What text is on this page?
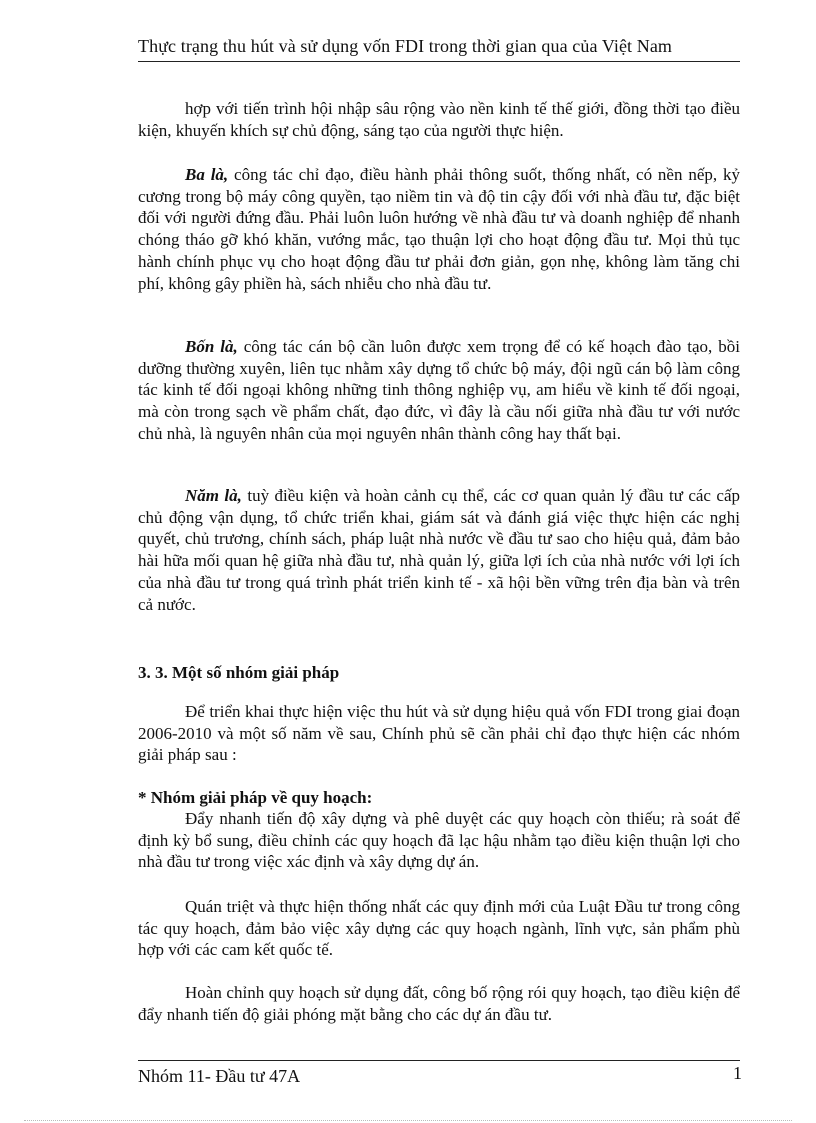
Thực trạng thu hút và sử dụng vốn FDI trong thời gian qua của Việt Nam

hợp với tiến trình hội nhập sâu rộng vào nền kinh tế thế giới, đồng thời tạo điều kiện, khuyến khích sự chủ động, sáng tạo của người thực hiện.

Ba là, công tác chỉ đạo, điều hành phải thông suốt, thống nhất, có nền nếp, kỷ cương trong bộ máy công quyền, tạo niềm tin và độ tin cậy đối với nhà đầu tư, đặc biệt đối với người đứng đầu. Phải luôn luôn hướng về nhà đầu tư và doanh nghiệp để nhanh chóng tháo gỡ khó khăn, vướng mắc, tạo thuận lợi cho hoạt động đầu tư. Mọi thủ tục hành chính phục vụ cho hoạt động đầu tư phải đơn giản, gọn nhẹ, không làm tăng chi phí, không gây phiền hà, sách nhiễu cho nhà đầu tư.

Bốn là, công tác cán bộ cần luôn được xem trọng để có kế hoạch đào tạo, bồi dưỡng thường xuyên, liên tục nhằm xây dựng tổ chức bộ máy, đội ngũ cán bộ làm công tác kinh tế đối ngoại không những tinh thông nghiệp vụ, am hiểu về kinh tế đối ngoại, mà còn trong sạch về phẩm chất, đạo đức, vì đây là cầu nối giữa nhà đầu tư với nước chủ nhà, là nguyên nhân của mọi nguyên nhân thành công hay thất bại.

Năm là, tuỳ điều kiện và hoàn cảnh cụ thể, các cơ quan quản lý đầu tư các cấp chủ động vận dụng, tổ chức triển khai, giám sát và đánh giá việc thực hiện các nghị quyết, chủ trương, chính sách, pháp luật nhà nước về đầu tư sao cho hiệu quả, đảm bảo hài hữa mối quan hệ giữa nhà đầu tư, nhà quản lý, giữa lợi ích của nhà nước với lợi ích của nhà đầu tư trong quá trình phát triển kinh tế - xã hội bền vững trên địa bàn và trên cả nước.

3. 3. Một số nhóm giải pháp

Để triển khai thực hiện việc thu hút và sử dụng hiệu quả vốn FDI trong giai đoạn 2006-2010 và một số năm về sau, Chính phủ sẽ cần phải chỉ đạo thực hiện các nhóm giải pháp sau :

* Nhóm giải pháp về quy hoạch:

Đẩy nhanh tiến độ xây dựng và phê duyệt các quy hoạch còn thiếu; rà soát để định kỳ bổ sung, điều chỉnh các quy hoạch đã lạc hậu nhằm tạo điều kiện thuận lợi cho nhà đầu tư trong việc xác định và xây dựng dự án.

Quán triệt và thực hiện thống nhất các quy định mới của Luật Đầu tư trong công tác quy hoạch, đảm bảo việc xây dựng các quy hoạch ngành, lĩnh vực, sản phẩm phù hợp với các cam kết quốc tế.

Hoàn chỉnh quy hoạch sử dụng đất, công bố rộng rói quy hoạch, tạo điều kiện để đẩy nhanh tiến độ giải phóng mặt bằng cho các dự án đầu tư.

Nhóm 11- Đầu tư 47A	1
